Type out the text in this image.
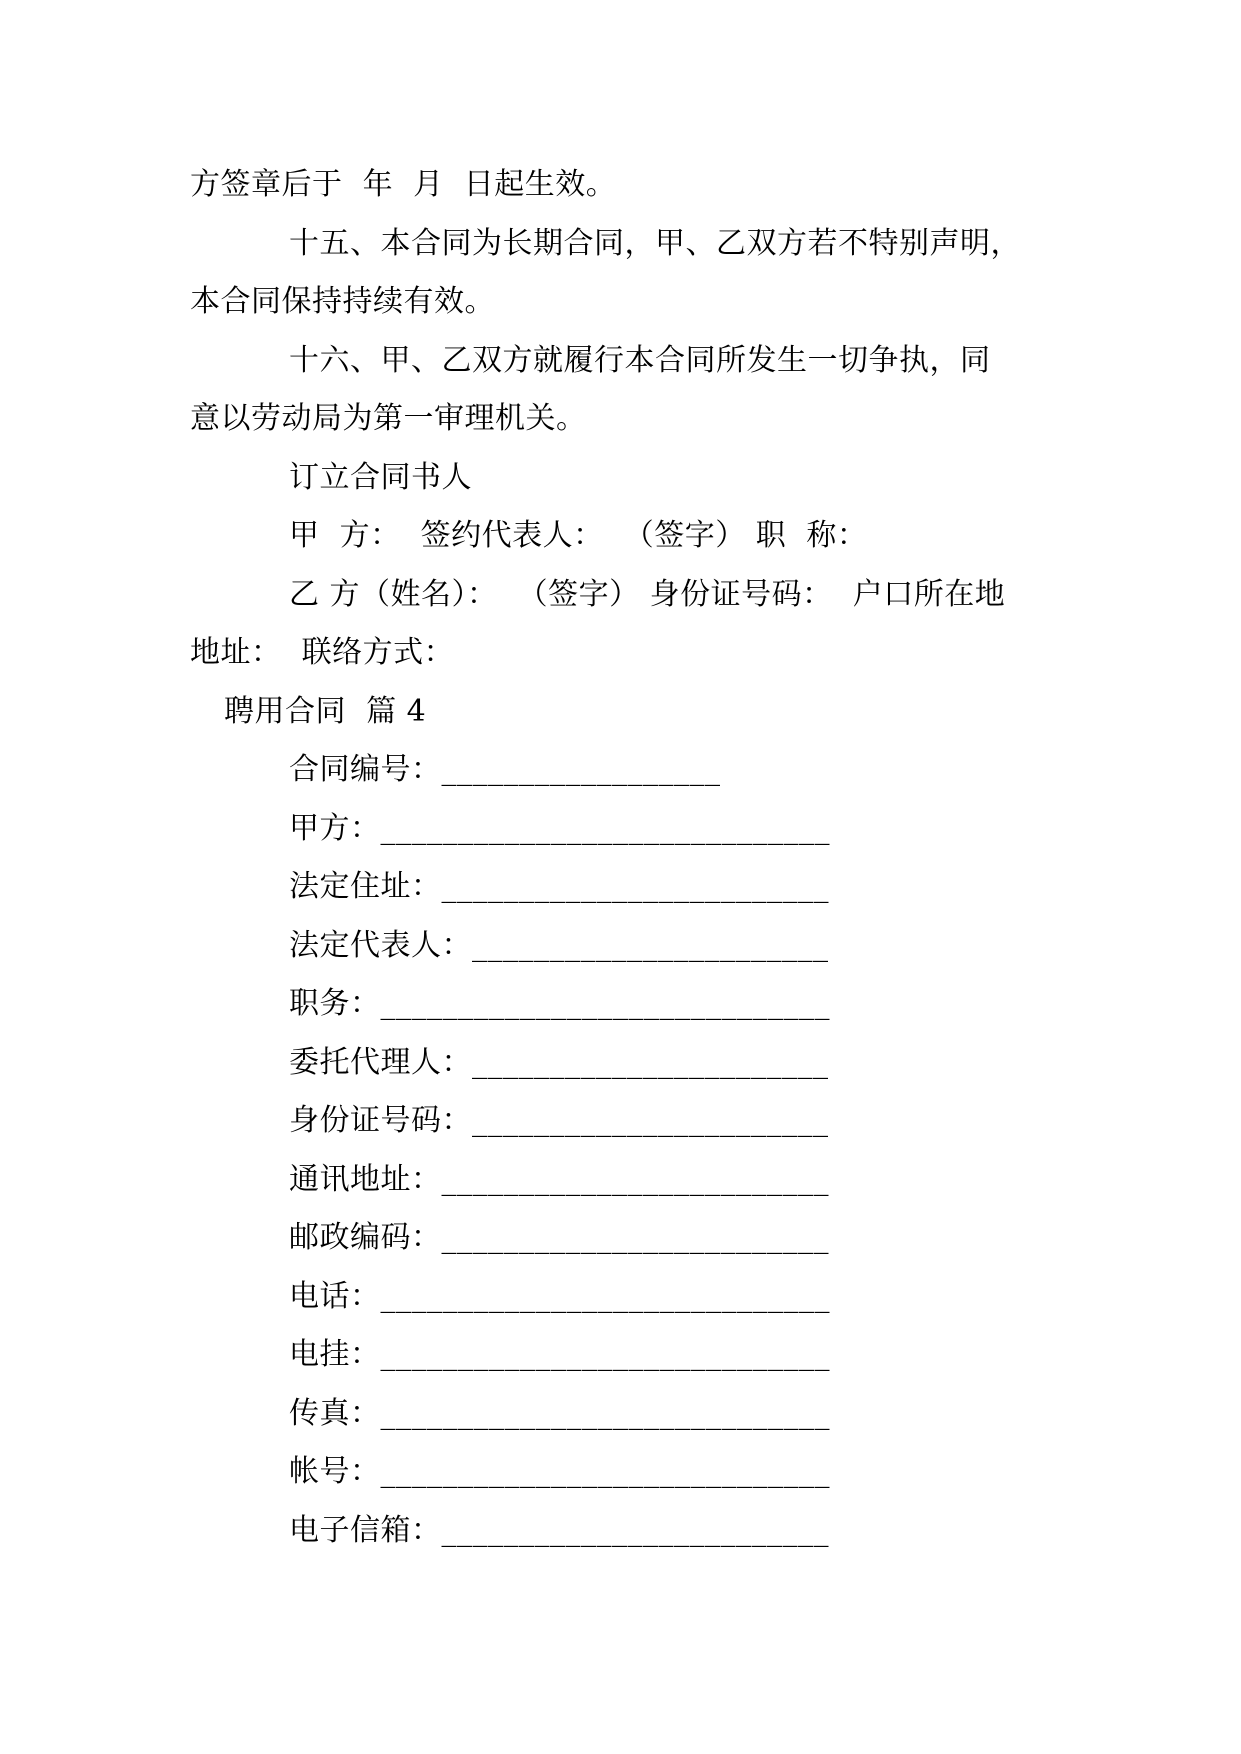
方签章后于  年  月  日起生效。
十五、本合同为长期合同，甲、乙双方若不特别声明，
本合同保持持续有效。
十六、甲、乙双方就履行本合同所发生一切争执，同
意以劳动局为第一审理机关。
订立合同书人
甲  方：  签约代表人：  （签字） 职  称：
乙 方（姓名）：  （签字） 身份证号码：  户口所在地
地址：  联络方式：
聘用合同  篇 4
合同编号：__________________
甲方：_____________________________
法定住址：_________________________
法定代表人：_______________________
职务：_____________________________
委托代理人：_______________________
身份证号码：_______________________
通讯地址：_________________________
邮政编码：_________________________
电话：_____________________________
电挂：_____________________________
传真：_____________________________
帐号：_____________________________
电子信箱：_________________________
